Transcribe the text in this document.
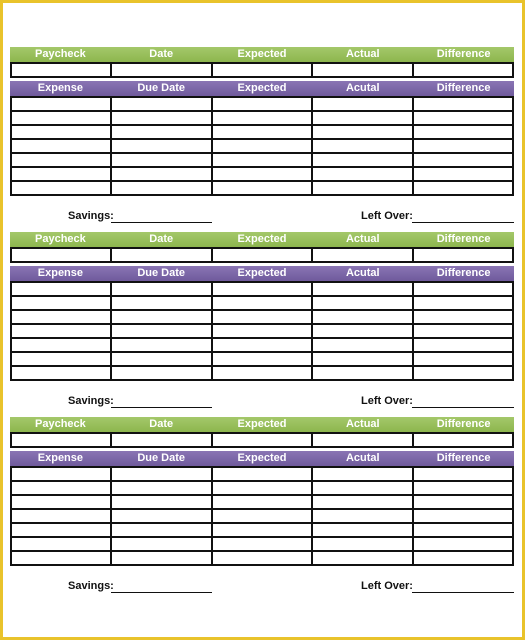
Paycheck	Date	Expected	Actual	Difference

Expense	Due Date	Expected	Acutal	Difference

Savings:	Left Over:
Paycheck	Date	Expected	Actual	Difference

Expense	Due Date	Expected	Acutal	Difference

Savings:	Left Over:
Paycheck	Date	Expected	Actual	Difference

Expense	Due Date	Expected	Acutal	Difference

Savings:	Left Over:
